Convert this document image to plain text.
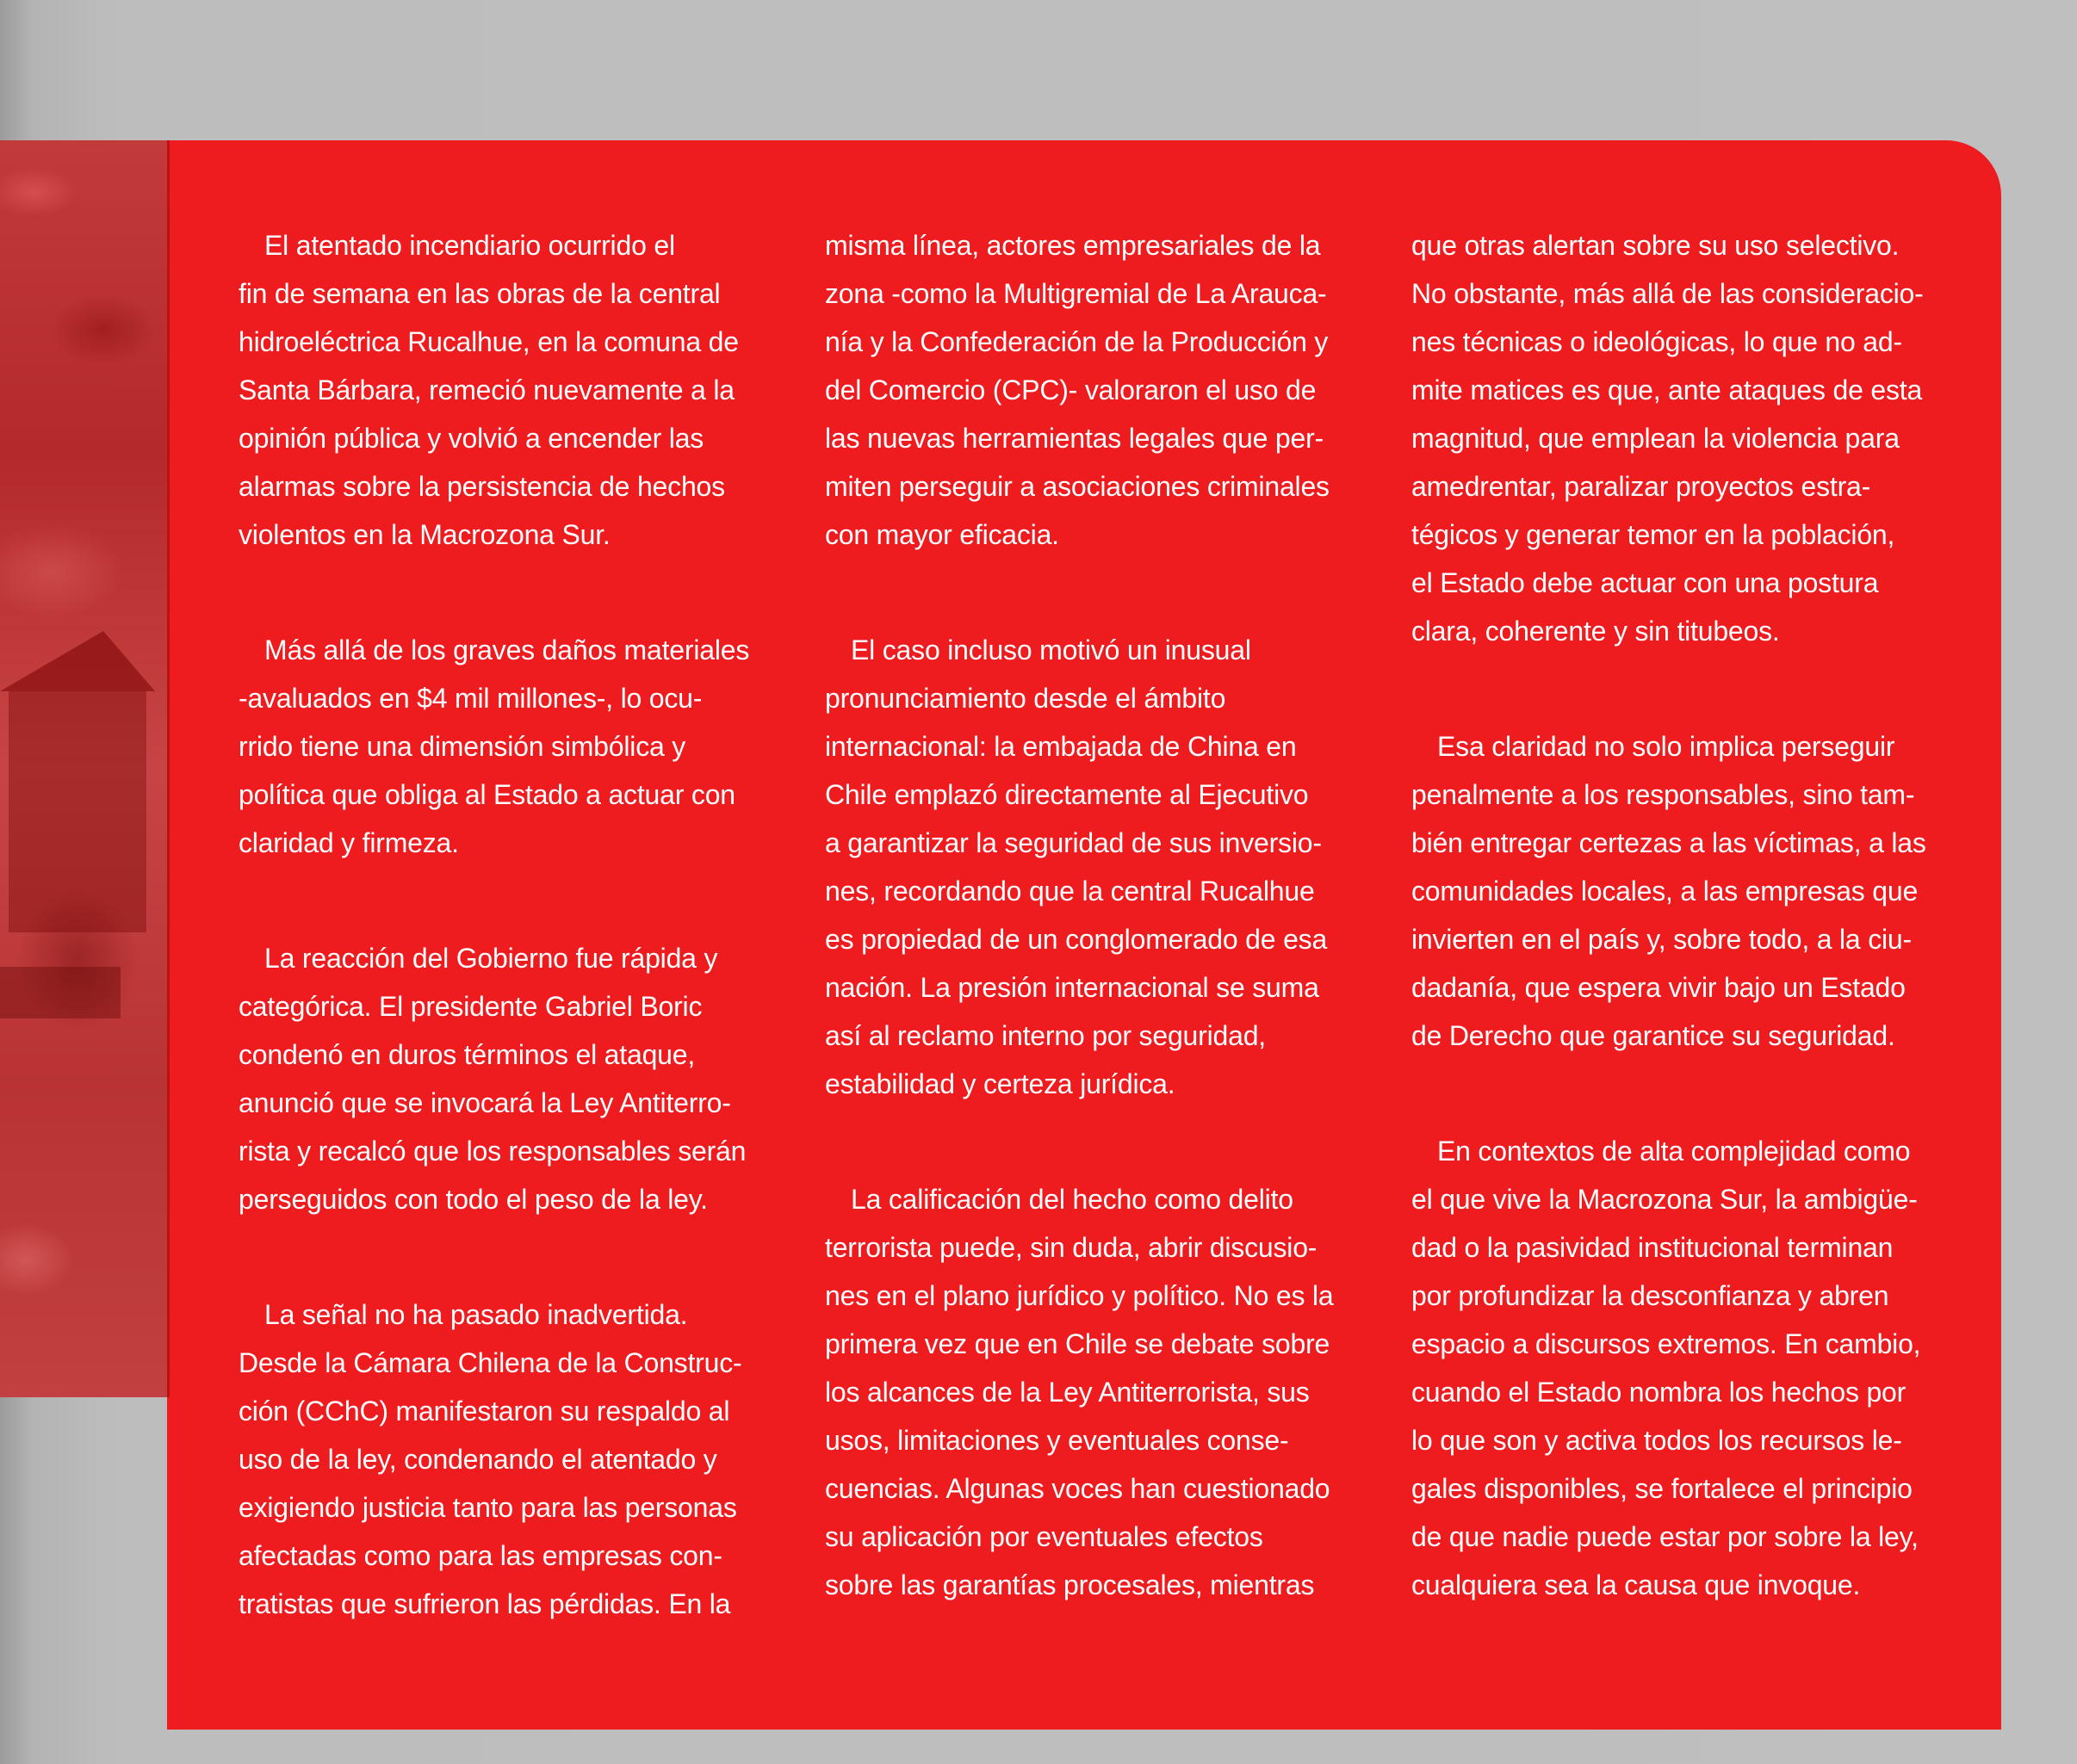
El atentado incendiario ocurrido el
fin de semana en las obras de la central
hidroeléctrica Rucalhue, en la comuna de
Santa Bárbara, remeció nuevamente a la
opinión pública y volvió a encender las
alarmas sobre la persistencia de hechos
violentos en la Macrozona Sur.

Más allá de los graves daños materiales
-avaluados en $4 mil millones-, lo ocu-
rrido tiene una dimensión simbólica y
política que obliga al Estado a actuar con
claridad y firmeza.

La reacción del Gobierno fue rápida y
categórica. El presidente Gabriel Boric
condenó en duros términos el ataque,
anunció que se invocará la Ley Antiterro-
rista y recalcó que los responsables serán
perseguidos con todo el peso de la ley.

La señal no ha pasado inadvertida.
Desde la Cámara Chilena de la Construc-
ción (CChC) manifestaron su respaldo al
uso de la ley, condenando el atentado y
exigiendo justicia tanto para las personas
afectadas como para las empresas con-
tratistas que sufrieron las pérdidas. En la

misma línea, actores empresariales de la
zona -como la Multigremial de La Arauca-
nía y la Confederación de la Producción y
del Comercio (CPC)- valoraron el uso de
las nuevas herramientas legales que per-
miten perseguir a asociaciones criminales
con mayor eficacia.

El caso incluso motivó un inusual
pronunciamiento desde el ámbito
internacional: la embajada de China en
Chile emplazó directamente al Ejecutivo
a garantizar la seguridad de sus inversio-
nes, recordando que la central Rucalhue
es propiedad de un conglomerado de esa
nación. La presión internacional se suma
así al reclamo interno por seguridad,
estabilidad y certeza jurídica.

La calificación del hecho como delito
terrorista puede, sin duda, abrir discusio-
nes en el plano jurídico y político. No es la
primera vez que en Chile se debate sobre
los alcances de la Ley Antiterrorista, sus
usos, limitaciones y eventuales conse-
cuencias. Algunas voces han cuestionado
su aplicación por eventuales efectos
sobre las garantías procesales, mientras

que otras alertan sobre su uso selectivo.
No obstante, más allá de las consideracio-
nes técnicas o ideológicas, lo que no ad-
mite matices es que, ante ataques de esta
magnitud, que emplean la violencia para
amedrentar, paralizar proyectos estra-
tégicos y generar temor en la población,
el Estado debe actuar con una postura
clara, coherente y sin titubeos.

Esa claridad no solo implica perseguir
penalmente a los responsables, sino tam-
bién entregar certezas a las víctimas, a las
comunidades locales, a las empresas que
invierten en el país y, sobre todo, a la ciu-
dadanía, que espera vivir bajo un Estado
de Derecho que garantice su seguridad.

En contextos de alta complejidad como
el que vive la Macrozona Sur, la ambigüe-
dad o la pasividad institucional terminan
por profundizar la desconfianza y abren
espacio a discursos extremos. En cambio,
cuando el Estado nombra los hechos por
lo que son y activa todos los recursos le-
gales disponibles, se fortalece el principio
de que nadie puede estar por sobre la ley,
cualquiera sea la causa que invoque.
